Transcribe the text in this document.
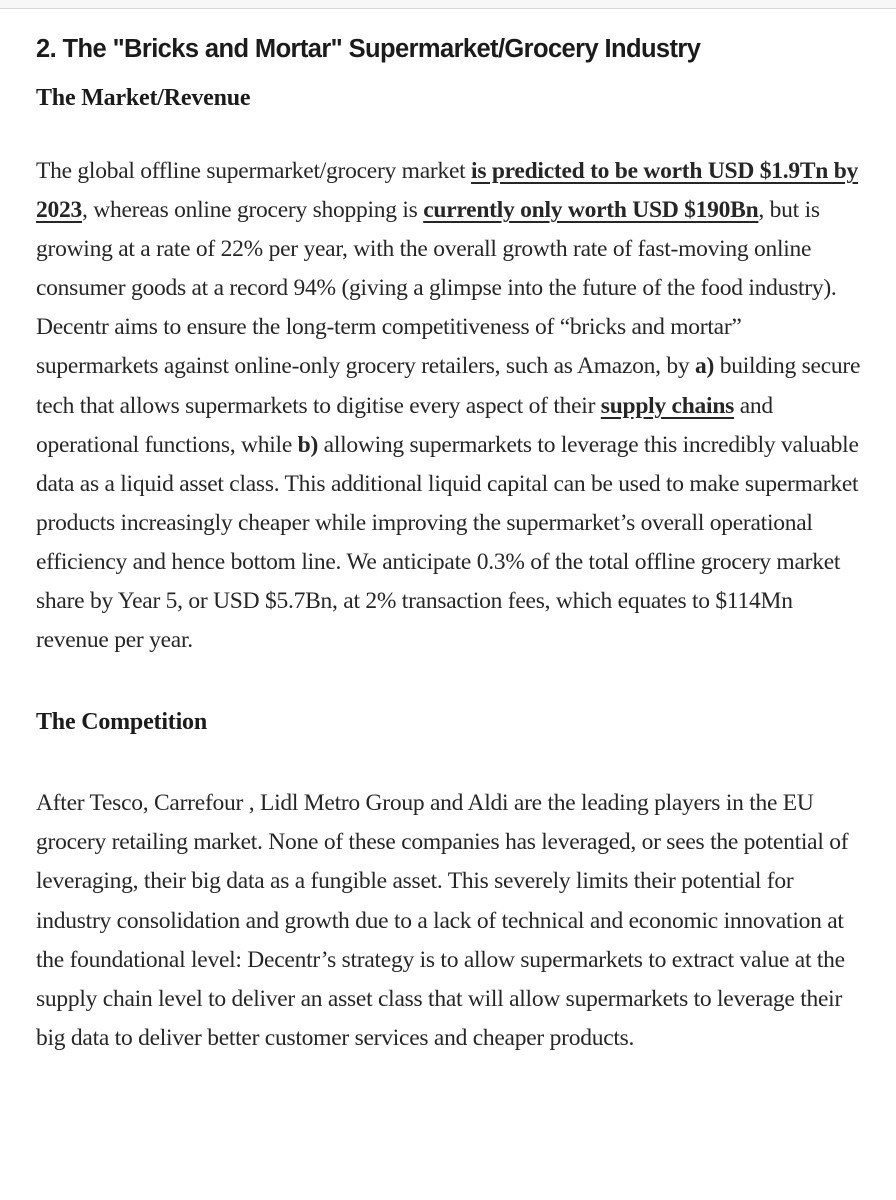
2. The "Bricks and Mortar" Supermarket/Grocery Industry
The Market/Revenue

The global offline supermarket/grocery market is predicted to be worth USD $1.9Tn by 2023, whereas online grocery shopping is currently only worth USD $190Bn, but is growing at a rate of 22% per year, with the overall growth rate of fast-moving online consumer goods at a record 94% (giving a glimpse into the future of the food industry). Decentr aims to ensure the long-term competitiveness of “bricks and mortar” supermarkets against online-only grocery retailers, such as Amazon, by a) building secure tech that allows supermarkets to digitise every aspect of their supply chains and operational functions, while b) allowing supermarkets to leverage this incredibly valuable data as a liquid asset class. This additional liquid capital can be used to make supermarket products increasingly cheaper while improving the supermarket’s overall operational efficiency and hence bottom line. We anticipate 0.3% of the total offline grocery market share by Year 5, or USD $5.7Bn, at 2% transaction fees, which equates to $114Mn revenue per year.

The Competition

After Tesco, Carrefour , Lidl Metro Group and Aldi are the leading players in the EU grocery retailing market. None of these companies has leveraged, or sees the potential of leveraging, their big data as a fungible asset. This severely limits their potential for industry consolidation and growth due to a lack of technical and economic innovation at the foundational level: Decentr’s strategy is to allow supermarkets to extract value at the supply chain level to deliver an asset class that will allow supermarkets to leverage their big data to deliver better customer services and cheaper products.
